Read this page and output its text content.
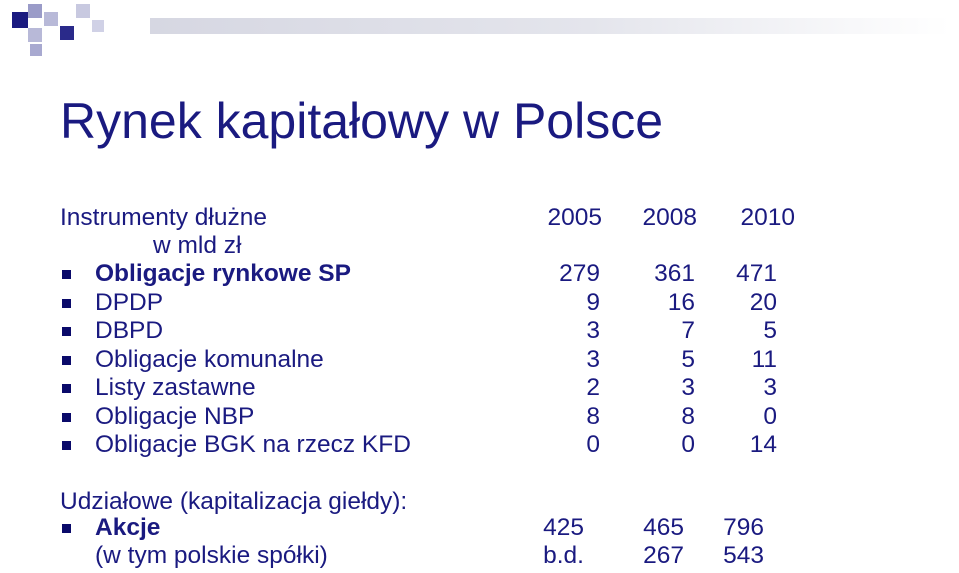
Rynek kapitałowy w Polsce
Instrumenty dłużne	2005 2008 2010
w mld zł
Obligacje rynkowe SP	279 361 471
DPDP	9	16 20
DBPD	3	7	5
Obligacje komunalne	3	5 11
Listy zastawne	2	3	3
Obligacje NBP	8	8	0
Obligacje BGK na rzecz KFD	0	0 14
Udziałowe (kapitalizacja giełdy):
Akcje	425 465 796
(w tym polskie spółki)	b.d. 267 543
